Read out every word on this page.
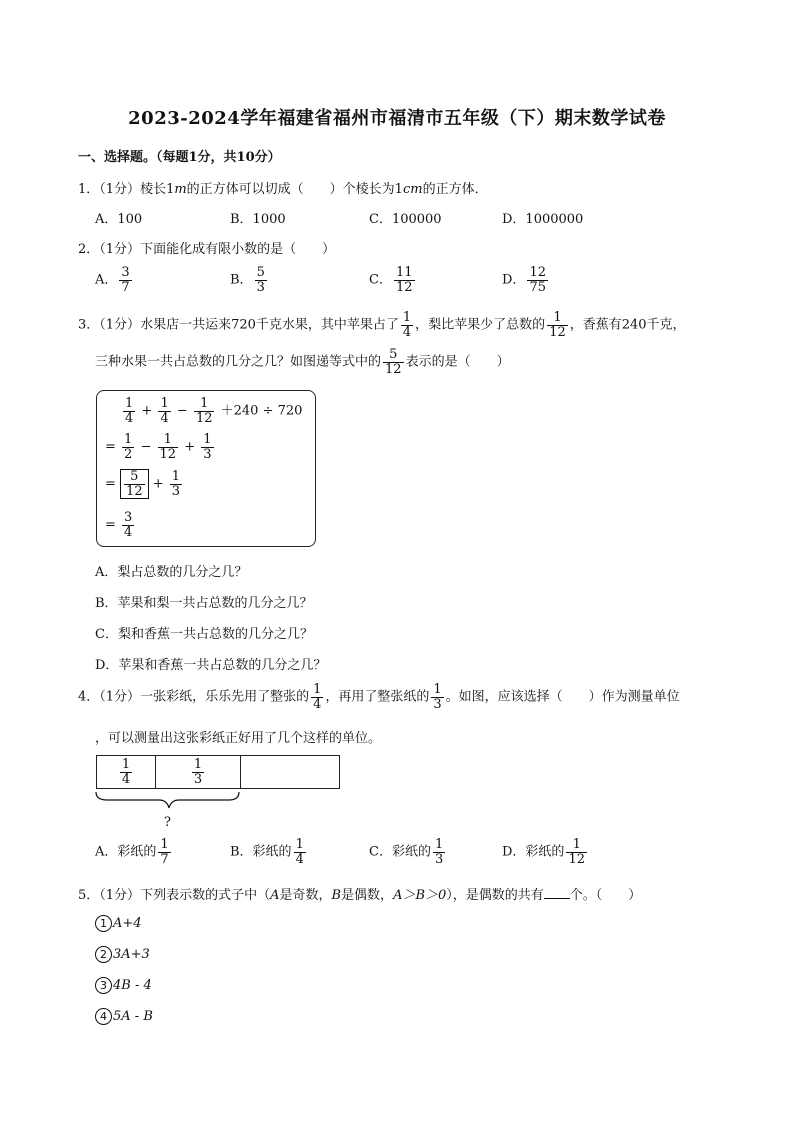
2023-2024学年福建省福州市福清市五年级（下）期末数学试卷
一、选择题。（每题1分，共10分）
1．（1分）棱长1m的正方体可以切成（　　）个棱长为1cm的正方体．
A．100	B．1000	C．100000	D．1000000
2．（1分）下面能化成有限小数的是（　　）
A． $\frac{3}{7}$	B． $\frac{5}{3}$	C． $\frac{11}{12}$	D． $\frac{12}{75}$
3．（1分）水果店一共运来720千克水果，其中苹果占了 $\frac{1}{4}$ ，梨比苹果少了总数的 $\frac{1}{12}$ ，香蕉有240千克，
三种水果一共占总数的几分之几？如图递等式中的 $\frac{5}{12}$ 表示的是（　　）
$\frac{1}{4} + \frac{1}{4} - \frac{1}{12} +240 \div 720$
= $\frac{1}{2} - \frac{1}{12} + \frac{1}{3}$
= $\frac{5}{12} + \frac{1}{3}$
= $\frac{3}{4}$
A．梨占总数的几分之几？
B．苹果和梨一共占总数的几分之几？
C．梨和香蕉一共占总数的几分之几？
D．苹果和香蕉一共占总数的几分之几？
4．（1分）一张彩纸，乐乐先用了整张的 $\frac{1}{4}$ ，再用了整张纸的 $\frac{1}{3}$ 。如图，应该选择（　　）作为测量单位
，可以测量出这张彩纸正好用了几个这样的单位。
$\frac{1}{4}$	$\frac{1}{3}$
?
A．彩纸的 $\frac{1}{7}$	B．彩纸的 $\frac{1}{4}$	C．彩纸的 $\frac{1}{3}$	D．彩纸的 $\frac{1}{12}$
5．（1分）下列表示数的式子中（A是奇数，B是偶数，A＞B＞0），是偶数的共有 个。（　　）
1 A+4
2 3A+3
3 4B - 4
4 5A - B
